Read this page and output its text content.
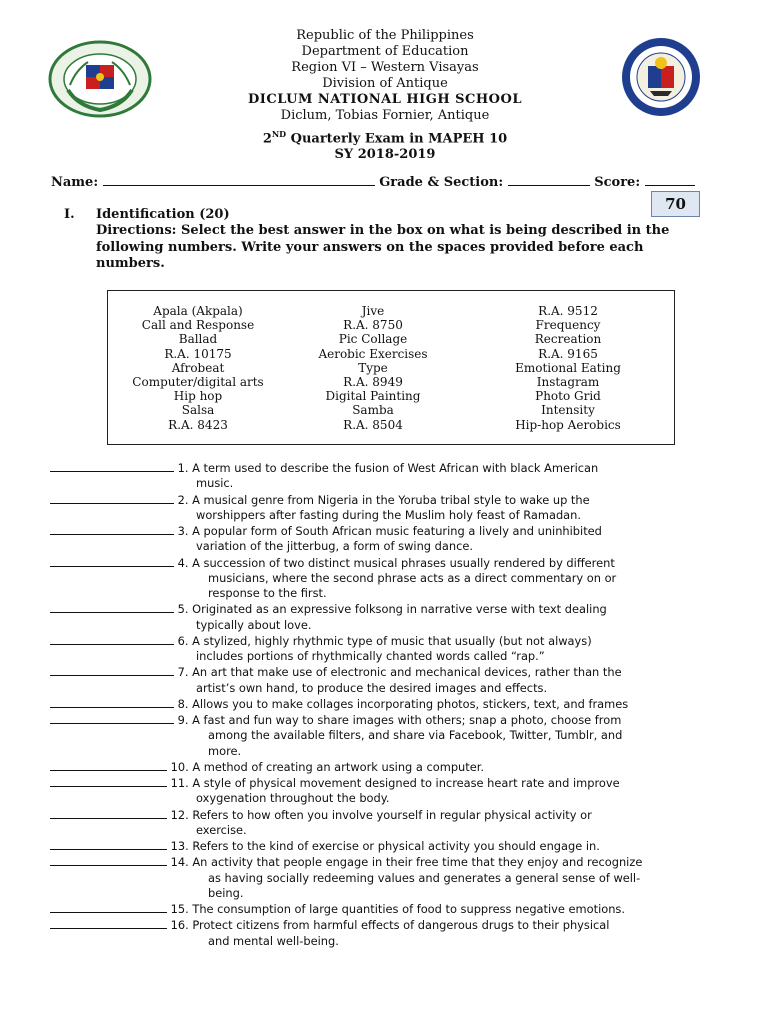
Republic of the Philippines
Department of Education
Region VI – Western Visayas
Division of Antique
DICLUM NATIONAL HIGH SCHOOL
Diclum, Tobias Fornier, Antique
2ND Quarterly Exam in MAPEH 10
SY 2018-2019
Name:	Grade & Section:	Score:
70
I. Identification (20)
Directions: Select the best answer in the box on what is being described in the following numbers. Write your answers on the spaces provided before each numbers.
Apala (Akpala)
Call and Response
Ballad
R.A. 10175
Afrobeat
Computer/digital arts
Hip hop
Salsa
R.A. 8423
Jive
R.A. 8750
Pic Collage
Aerobic Exercises
Type
R.A. 8949
Digital Painting
Samba
R.A. 8504
R.A. 9512
Frequency
Recreation
R.A. 9165
Emotional Eating
Instagram
Photo Grid
Intensity
Hip-hop Aerobics
1. A term used to describe the fusion of West African with black American
music.
2. A musical genre from Nigeria in the Yoruba tribal style to wake up the
worshippers after fasting during the Muslim holy feast of Ramadan.
3. A popular form of South African music featuring a lively and uninhibited
variation of the jitterbug, a form of swing dance.
4. A succession of two distinct musical phrases usually rendered by different
musicians, where the second phrase acts as a direct commentary on or
response to the first.
5. Originated as an expressive folksong in narrative verse with text dealing
typically about love.
6. A stylized, highly rhythmic type of music that usually (but not always)
includes portions of rhythmically chanted words called “rap.”
7. An art that make use of electronic and mechanical devices, rather than the
artist’s own hand, to produce the desired images and effects.
8. Allows you to make collages incorporating photos, stickers, text, and frames
9. A fast and fun way to share images with others; snap a photo, choose from
among the available filters, and share via Facebook, Twitter, Tumblr, and
more.
10. A method of creating an artwork using a computer.
11. A style of physical movement designed to increase heart rate and improve
oxygenation throughout the body.
12. Refers to how often you involve yourself in regular physical activity or
exercise.
13. Refers to the kind of exercise or physical activity you should engage in.
14. An activity that people engage in their free time that they enjoy and recognize
as having socially redeeming values and generates a general sense of well-
being.
15. The consumption of large quantities of food to suppress negative emotions.
16. Protect citizens from harmful effects of dangerous drugs to their physical
and mental well-being.
